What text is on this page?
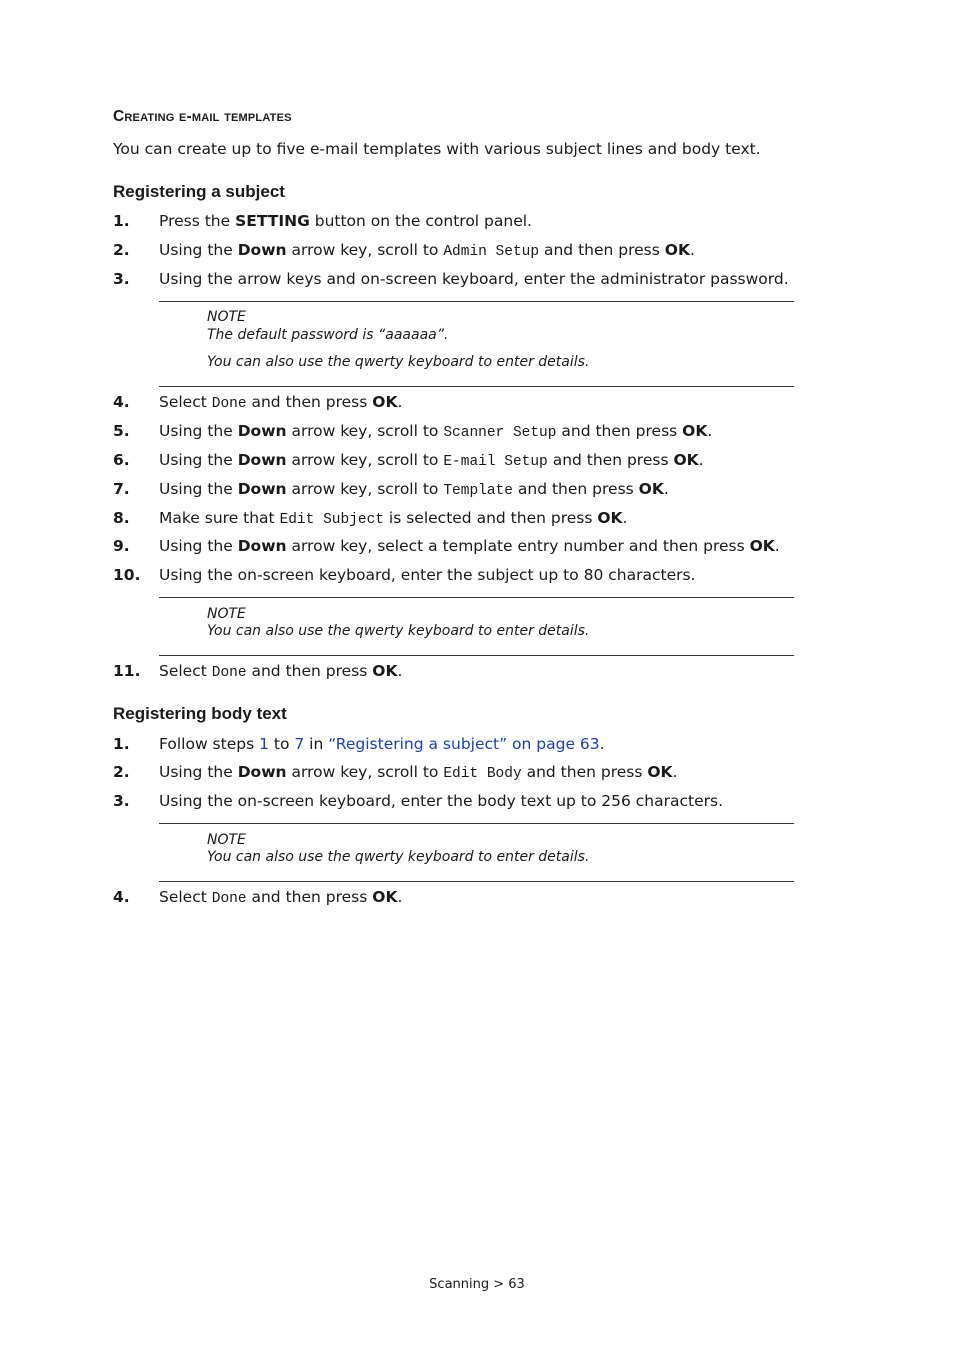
Creating e-mail templates
You can create up to five e-mail templates with various subject lines and body text.
Registering a subject
1. Press the SETTING button on the control panel.
2. Using the Down arrow key, scroll to Admin Setup and then press OK.
3. Using the arrow keys and on-screen keyboard, enter the administrator password.
NOTE
The default password is “aaaaaa”.
You can also use the qwerty keyboard to enter details.
4. Select Done and then press OK.
5. Using the Down arrow key, scroll to Scanner Setup and then press OK.
6. Using the Down arrow key, scroll to E-mail Setup and then press OK.
7. Using the Down arrow key, scroll to Template and then press OK.
8. Make sure that Edit Subject is selected and then press OK.
9. Using the Down arrow key, select a template entry number and then press OK.
10. Using the on-screen keyboard, enter the subject up to 80 characters.
NOTE
You can also use the qwerty keyboard to enter details.
11. Select Done and then press OK.
Registering body text
1. Follow steps 1 to 7 in “Registering a subject” on page 63.
2. Using the Down arrow key, scroll to Edit Body and then press OK.
3. Using the on-screen keyboard, enter the body text up to 256 characters.
NOTE
You can also use the qwerty keyboard to enter details.
4. Select Done and then press OK.
Scanning > 63
